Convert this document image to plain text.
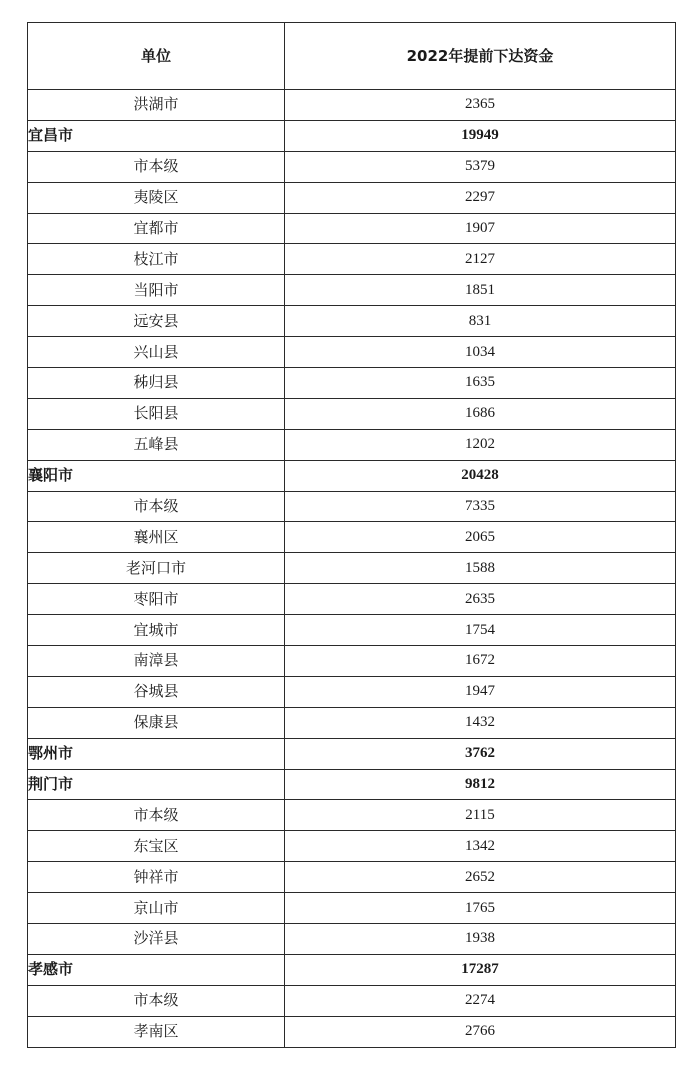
单位	2022年提前下达资金
洪湖市	2365
宜昌市	19949
市本级	5379
夷陵区	2297
宜都市	1907
枝江市	2127
当阳市	1851
远安县	831
兴山县	1034
秭归县	1635
长阳县	1686
五峰县	1202
襄阳市	20428
市本级	7335
襄州区	2065
老河口市	1588
枣阳市	2635
宜城市	1754
南漳县	1672
谷城县	1947
保康县	1432
鄂州市	3762
荆门市	9812
市本级	2115
东宝区	1342
钟祥市	2652
京山市	1765
沙洋县	1938
孝感市	17287
市本级	2274
孝南区	2766
